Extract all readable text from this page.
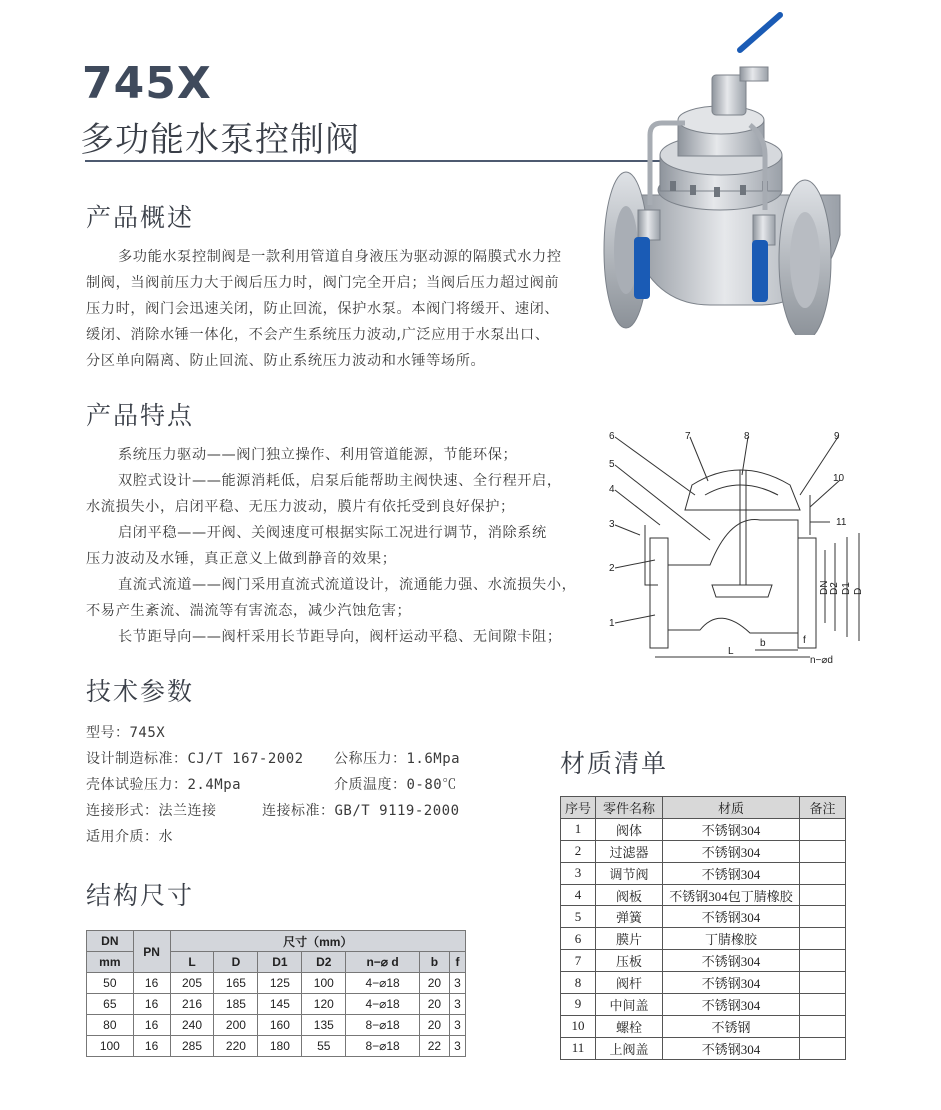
745X
多功能水泵控制阀
产品概述
多功能水泵控制阀是一款利用管道自身液压为驱动源的隔膜式水力控
制阀，当阀前压力大于阀后压力时，阀门完全开启；当阀后压力超过阀前
压力时，阀门会迅速关闭，防止回流，保护水泵。本阀门将缓开、速闭、
缓闭、消除水锤一体化，不会产生系统压力波动,广泛应用于水泵出口、
分区单向隔离、防止回流、防止系统压力波动和水锤等场所。
产品特点
系统压力驱动——阀门独立操作、利用管道能源，节能环保；
双腔式设计——能源消耗低，启泵后能帮助主阀快速、全行程开启，
水流损失小，启闭平稳、无压力波动，膜片有依托受到良好保护；
启闭平稳——开阀、关阀速度可根据实际工况进行调节，消除系统
压力波动及水锤，真正意义上做到静音的效果；
直流式流道——阀门采用直流式流道设计，流通能力强、水流损失小，
不易产生紊流、湍流等有害流态，减少汽蚀危害；
长节距导向——阀杆采用长节距导向，阀杆运动平稳、无间隙卡阻；
6	7	8	9
5
10
4
11
3
2
1
DN D2 D1 D
L
b	f
n−⌀d
技术参数
型号：745X
设计制造标准：CJ/T 167-2002 公称压力：1.6Mpa
壳体试验压力：2.4Mpa	介质温度：0-80℃
连接形式：法兰连接	连接标准：GB/T 9119-2000
适用介质：水
材质清单
结构尺寸
DN	PN	尺寸（mm）						
mm		L	D	D1	D2	n−⌀ d	b	f
50	16	205	165	125	100	4−⌀18	20	3
65	16	216	185	145	120	4−⌀18	20	3
80	16	240	200	160	135	8−⌀18	20	3
100	16	285	220	180	55	8−⌀18	22	3
序号	零件名称	材质	备注
1	阀体	不锈钢304	
2	过滤器	不锈钢304	
3	调节阀	不锈钢304	
4	阀板	不锈钢304包丁腈橡胶	
5	弹簧	不锈钢304	
6	膜片	丁腈橡胶	
7	压板	不锈钢304	
8	阀杆	不锈钢304	
9	中间盖	不锈钢304	
10	螺栓	不锈钢	
11	上阀盖	不锈钢304	
